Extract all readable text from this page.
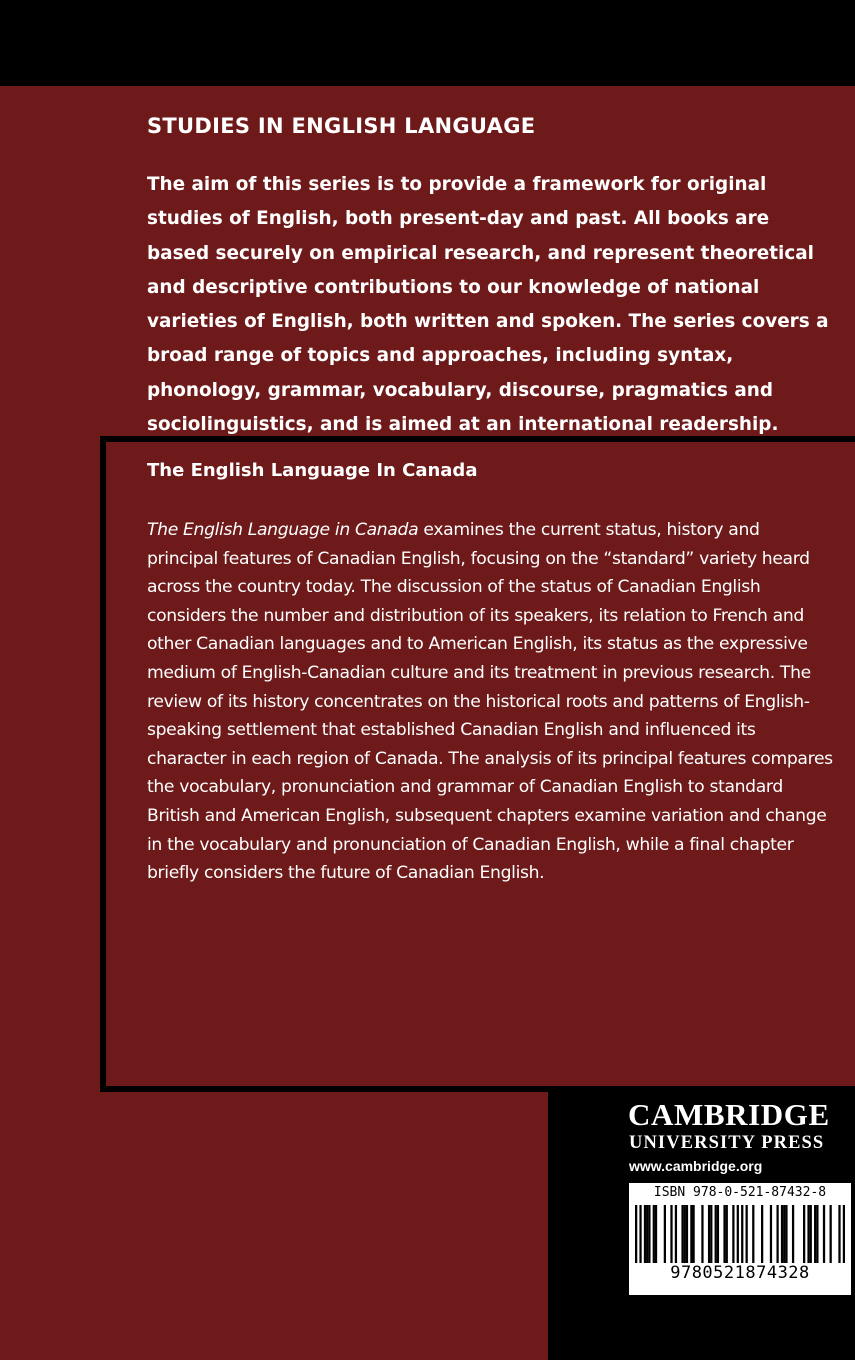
STUDIES IN ENGLISH LANGUAGE

The aim of this series is to provide a framework for original studies of English, both present-day and past. All books are based securely on empirical research, and represent theoretical and descriptive contributions to our knowledge of national varieties of English, both written and spoken. The series covers a broad range of topics and approaches, including syntax, phonology, grammar, vocabulary, discourse, pragmatics and sociolinguistics, and is aimed at an international readership.

The English Language In Canada

The English Language in Canada examines the current status, history and principal features of Canadian English, focusing on the “standard” variety heard across the country today. The discussion of the status of Canadian English considers the number and distribution of its speakers, its relation to French and other Canadian languages and to American English, its status as the expressive medium of English-Canadian culture and its treatment in previous research. The review of its history concentrates on the historical roots and patterns of English-speaking settlement that established Canadian English and influenced its character in each region of Canada. The analysis of its principal features compares the vocabulary, pronunciation and grammar of Canadian English to standard British and American English, subsequent chapters examine variation and change in the vocabulary and pronunciation of Canadian English, while a final chapter briefly considers the future of Canadian English.

CAMBRIDGE
UNIVERSITY PRESS
www.cambridge.org
ISBN 978-0-521-87432-8
9780521874328
